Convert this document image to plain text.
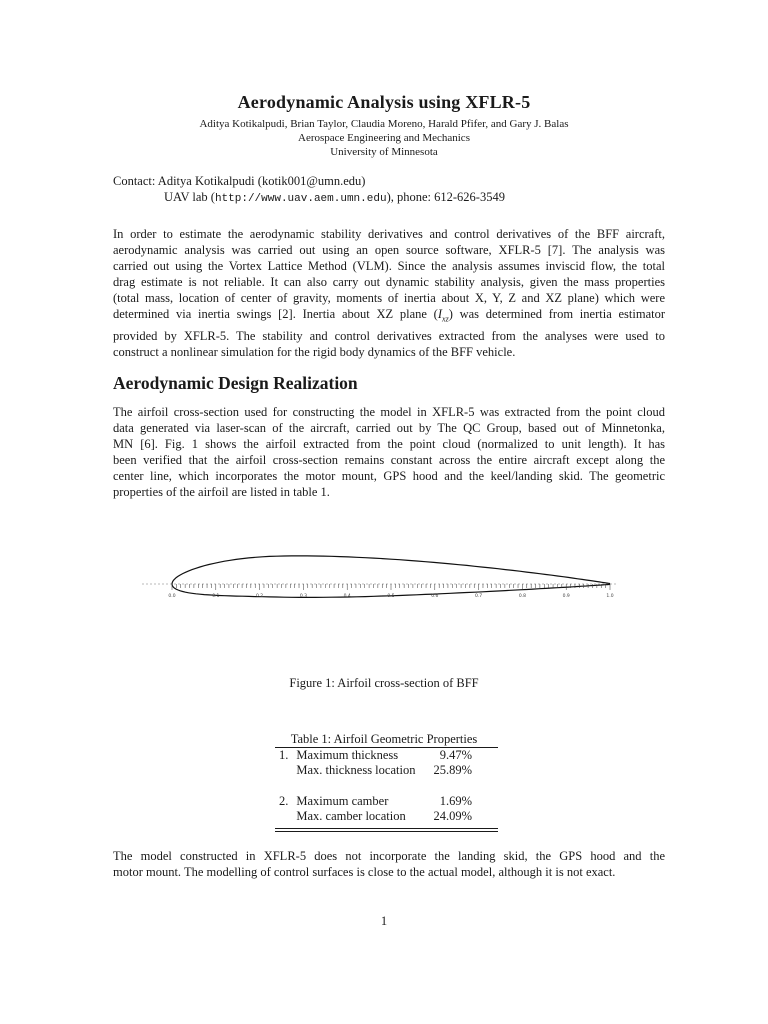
Aerodynamic Analysis using XFLR-5
Aditya Kotikalpudi, Brian Taylor, Claudia Moreno, Harald Pfifer, and Gary J. Balas
Aerospace Engineering and Mechanics
University of Minnesota
Contact: Aditya Kotikalpudi (kotik001@umn.edu)
UAV lab (http://www.uav.aem.umn.edu), phone: 612-626-3549
In order to estimate the aerodynamic stability derivatives and control derivatives of the BFF aircraft,
aerodynamic analysis was carried out using an open source software, XFLR-5 [7]. The analysis was
carried out using the Vortex Lattice Method (VLM). Since the analysis assumes inviscid flow, the total
drag estimate is not reliable. It can also carry out dynamic stability analysis, given the mass properties
(total mass, location of center of gravity, moments of inertia about X, Y, Z and XZ plane) which were
determined via inertia swings [2]. Inertia about XZ plane $(I_{xz})$ was determined from inertia estimator
provided by XFLR-5. The stability and control derivatives extracted from the analyses were used to
construct a nonlinear simulation for the rigid body dynamics of the BFF vehicle.
Aerodynamic Design Realization
The airfoil cross-section used for constructing the model in XFLR-5 was extracted from the point cloud
data generated via laser-scan of the aircraft, carried out by The QC Group, based out of Minnetonka,
MN [6]. Fig. 1 shows the airfoil extracted from the point cloud (normalized to unit length). It has
been verified that the airfoil cross-section remains constant across the entire aircraft except along the
center line, which incorporates the motor mount, GPS hood and the keel/landing skid. The geometric
properties of the airfoil are listed in table 1.
0.0	0.1	0.2	0.3	0.4	0.5	0.6	0.7	0.8	0.9	1.0
Figure 1: Airfoil cross-section of BFF
Table 1: Airfoil Geometric Properties
1.	Maximum thickness	9.47%
	Max. thickness location	25.89%

2.	Maximum camber	1.69%
	Max. camber location	24.09%
The model constructed in XFLR-5 does not incorporate the landing skid, the GPS hood and the
motor mount. The modelling of control surfaces is close to the actual model, although it is not exact.
1
